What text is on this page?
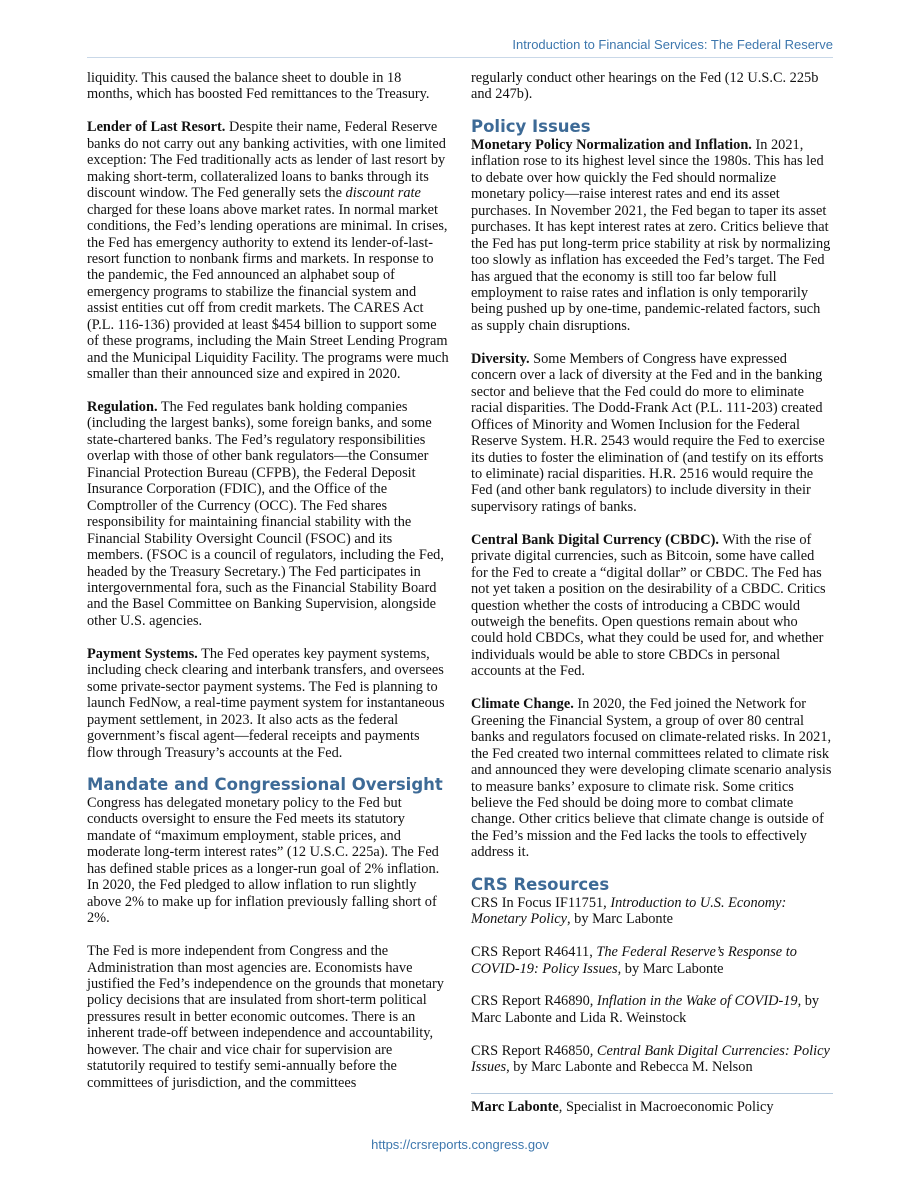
Introduction to Financial Services: The Federal Reserve

liquidity. This caused the balance sheet to double in 18 months, which has boosted Fed remittances to the Treasury.

Lender of Last Resort. Despite their name, Federal Reserve banks do not carry out any banking activities, with one limited exception: The Fed traditionally acts as lender of last resort by making short-term, collateralized loans to banks through its discount window. The Fed generally sets the discount rate charged for these loans above market rates. In normal market conditions, the Fed’s lending operations are minimal. In crises, the Fed has emergency authority to extend its lender-of-last-resort function to nonbank firms and markets. In response to the pandemic, the Fed announced an alphabet soup of emergency programs to stabilize the financial system and assist entities cut off from credit markets. The CARES Act (P.L. 116-136) provided at least $454 billion to support some of these programs, including the Main Street Lending Program and the Municipal Liquidity Facility. The programs were much smaller than their announced size and expired in 2020.

Regulation. The Fed regulates bank holding companies (including the largest banks), some foreign banks, and some state-chartered banks. The Fed’s regulatory responsibilities overlap with those of other bank regulators—the Consumer Financial Protection Bureau (CFPB), the Federal Deposit Insurance Corporation (FDIC), and the Office of the Comptroller of the Currency (OCC). The Fed shares responsibility for maintaining financial stability with the Financial Stability Oversight Council (FSOC) and its members. (FSOC is a council of regulators, including the Fed, headed by the Treasury Secretary.) The Fed participates in intergovernmental fora, such as the Financial Stability Board and the Basel Committee on Banking Supervision, alongside other U.S. agencies.

Payment Systems. The Fed operates key payment systems, including check clearing and interbank transfers, and oversees some private-sector payment systems. The Fed is planning to launch FedNow, a real-time payment system for instantaneous payment settlement, in 2023. It also acts as the federal government’s fiscal agent—federal receipts and payments flow through Treasury’s accounts at the Fed.

Mandate and Congressional Oversight

Congress has delegated monetary policy to the Fed but conducts oversight to ensure the Fed meets its statutory mandate of “maximum employment, stable prices, and moderate long-term interest rates” (12 U.S.C. 225a). The Fed has defined stable prices as a longer-run goal of 2% inflation. In 2020, the Fed pledged to allow inflation to run slightly above 2% to make up for inflation previously falling short of 2%.

The Fed is more independent from Congress and the Administration than most agencies are. Economists have justified the Fed’s independence on the grounds that monetary policy decisions that are insulated from short-term political pressures result in better economic outcomes. There is an inherent trade-off between independence and accountability, however. The chair and vice chair for supervision are statutorily required to testify semi-annually before the committees of jurisdiction, and the committees

regularly conduct other hearings on the Fed (12 U.S.C. 225b and 247b).

Policy Issues

Monetary Policy Normalization and Inflation. In 2021, inflation rose to its highest level since the 1980s. This has led to debate over how quickly the Fed should normalize monetary policy—raise interest rates and end its asset purchases. In November 2021, the Fed began to taper its asset purchases. It has kept interest rates at zero. Critics believe that the Fed has put long-term price stability at risk by normalizing too slowly as inflation has exceeded the Fed’s target. The Fed has argued that the economy is still too far below full employment to raise rates and inflation is only temporarily being pushed up by one-time, pandemic-related factors, such as supply chain disruptions.

Diversity. Some Members of Congress have expressed concern over a lack of diversity at the Fed and in the banking sector and believe that the Fed could do more to eliminate racial disparities. The Dodd-Frank Act (P.L. 111-203) created Offices of Minority and Women Inclusion for the Federal Reserve System. H.R. 2543 would require the Fed to exercise its duties to foster the elimination of (and testify on its efforts to eliminate) racial disparities. H.R. 2516 would require the Fed (and other bank regulators) to include diversity in their supervisory ratings of banks.

Central Bank Digital Currency (CBDC). With the rise of private digital currencies, such as Bitcoin, some have called for the Fed to create a “digital dollar” or CBDC. The Fed has not yet taken a position on the desirability of a CBDC. Critics question whether the costs of introducing a CBDC would outweigh the benefits. Open questions remain about who could hold CBDCs, what they could be used for, and whether individuals would be able to store CBDCs in personal accounts at the Fed.

Climate Change. In 2020, the Fed joined the Network for Greening the Financial System, a group of over 80 central banks and regulators focused on climate-related risks. In 2021, the Fed created two internal committees related to climate risk and announced they were developing climate scenario analysis to measure banks’ exposure to climate risk. Some critics believe the Fed should be doing more to combat climate change. Other critics believe that climate change is outside of the Fed’s mission and the Fed lacks the tools to effectively address it.

CRS Resources

CRS In Focus IF11751, Introduction to U.S. Economy: Monetary Policy, by Marc Labonte

CRS Report R46411, The Federal Reserve’s Response to COVID-19: Policy Issues, by Marc Labonte

CRS Report R46890, Inflation in the Wake of COVID-19, by Marc Labonte and Lida R. Weinstock

CRS Report R46850, Central Bank Digital Currencies: Policy Issues, by Marc Labonte and Rebecca M. Nelson

Marc Labonte, Specialist in Macroeconomic Policy

https://crsreports.congress.gov
